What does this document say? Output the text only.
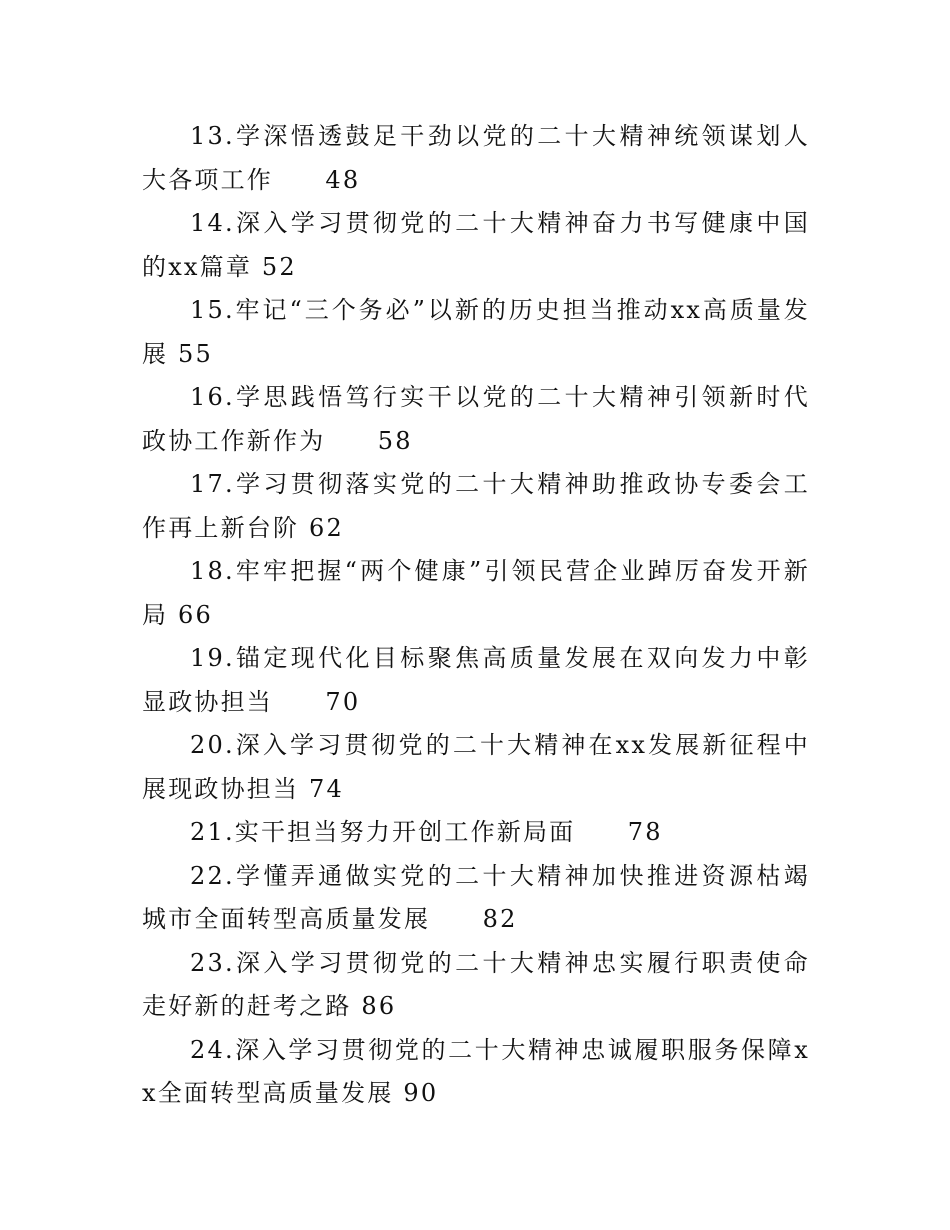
13.学深悟透鼓足干劲以党的二十大精神统领谋划人大各项工作　　48

14.深入学习贯彻党的二十大精神奋力书写健康中国的xx篇章 52

15.牢记“三个务必”以新的历史担当推动xx高质量发展 55

16.学思践悟笃行实干以党的二十大精神引领新时代政协工作新作为　　58

17.学习贯彻落实党的二十大精神助推政协专委会工作再上新台阶 62

18.牢牢把握“两个健康”引领民营企业踔厉奋发开新局 66

19.锚定现代化目标聚焦高质量发展在双向发力中彰显政协担当　　70

20.深入学习贯彻党的二十大精神在xx发展新征程中展现政协担当 74

21.实干担当努力开创工作新局面　　78

22.学懂弄通做实党的二十大精神加快推进资源枯竭城市全面转型高质量发展　　82

23.深入学习贯彻党的二十大精神忠实履行职责使命走好新的赶考之路 86

24.深入学习贯彻党的二十大精神忠诚履职服务保障xx全面转型高质量发展 90
